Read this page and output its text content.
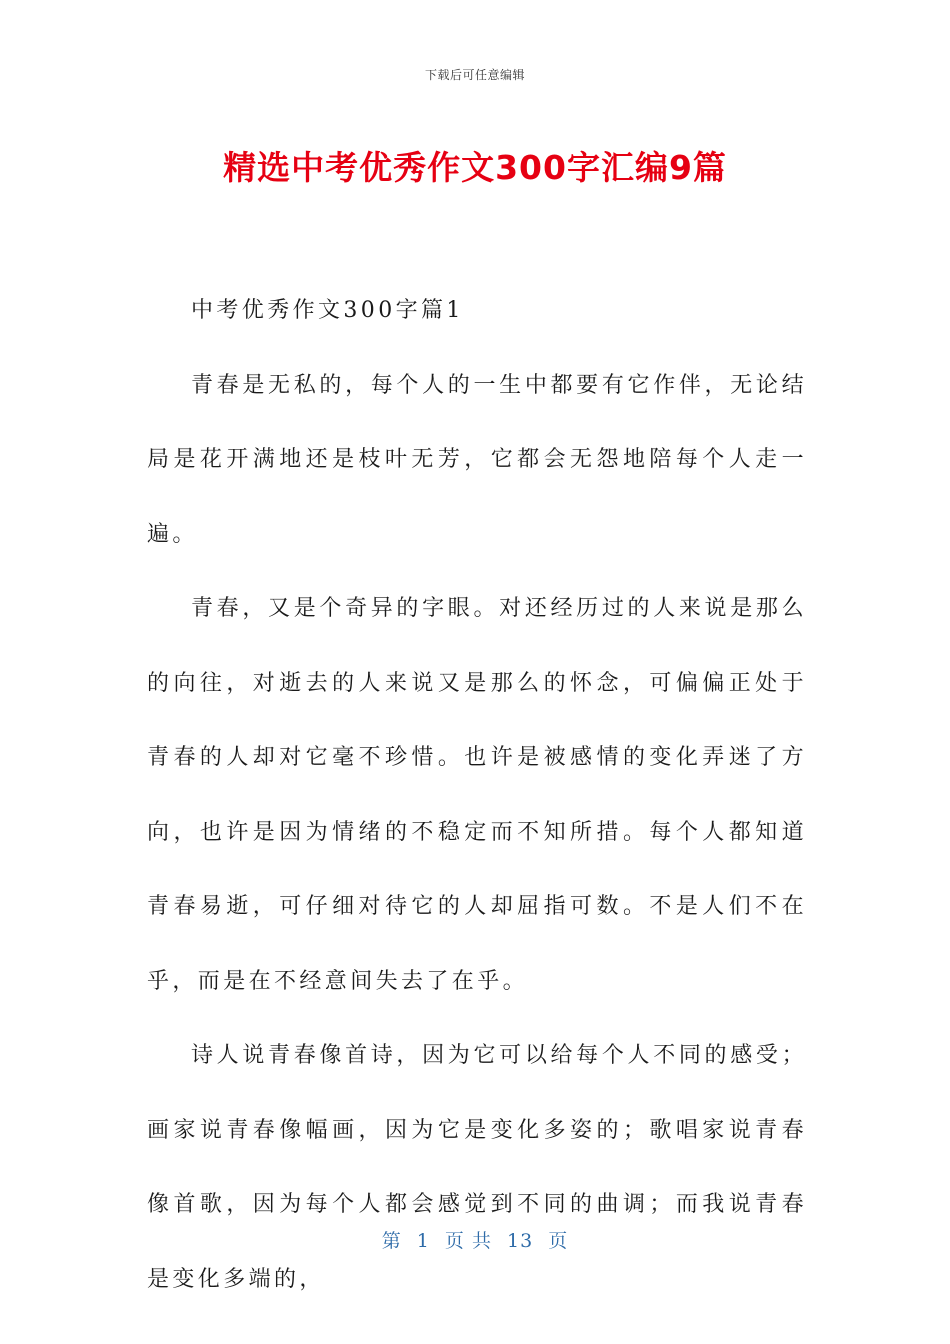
下载后可任意编辑
精选中考优秀作文300字汇编9篇

中考优秀作文300字篇1

青春是无私的，每个人的一生中都要有它作伴，无论结局是花开满地还是枝叶无芳，它都会无怨地陪每个人走一遍。

青春，又是个奇异的字眼。对还经历过的人来说是那么的向往，对逝去的人来说又是那么的怀念，可偏偏正处于青春的人却对它毫不珍惜。也许是被感情的变化弄迷了方向，也许是因为情绪的不稳定而不知所措。每个人都知道青春易逝，可仔细对待它的人却屈指可数。不是人们不在乎，而是在不经意间失去了在乎。

诗人说青春像首诗，因为它可以给每个人不同的感受；画家说青春像幅画，因为它是变化多姿的；歌唱家说青春像首歌，因为每个人都会感觉到不同的曲调；而我说青春是变化多端的，

第 1 页 共 13 页
